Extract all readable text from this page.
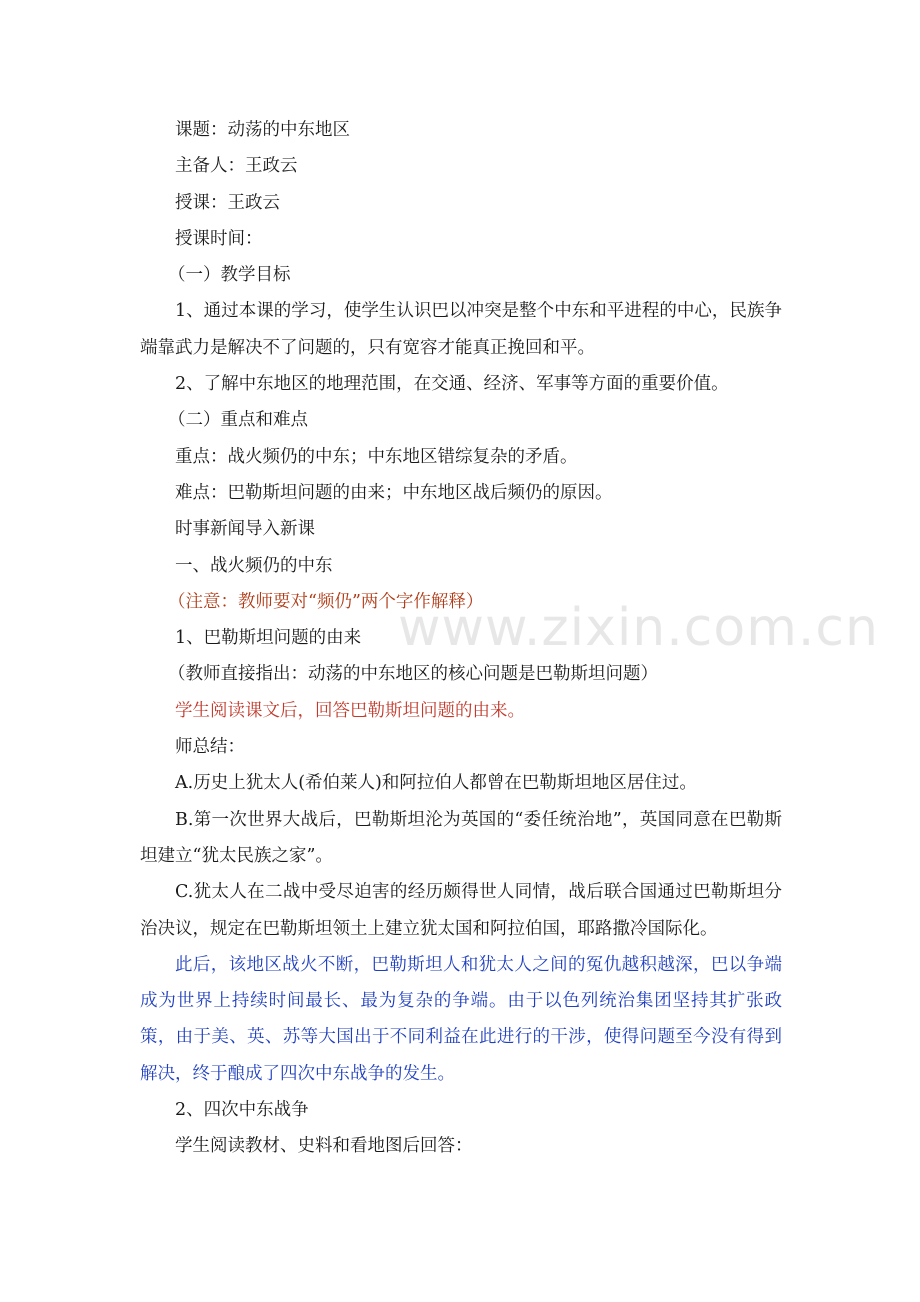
课题：动荡的中东地区

主备人：王政云

授课：王政云

授课时间：

（一）教学目标

1、通过本课的学习，使学生认识巴以冲突是整个中东和平进程的中心，民族争端靠武力是解决不了问题的，只有宽容才能真正挽回和平。

2、了解中东地区的地理范围，在交通、经济、军事等方面的重要价值。

（二）重点和难点

重点：战火频仍的中东；中东地区错综复杂的矛盾。

难点：巴勒斯坦问题的由来；中东地区战后频仍的原因。

时事新闻导入新课

一、战火频仍的中东

（注意：教师要对“频仍”两个字作解释）

1、巴勒斯坦问题的由来

（教师直接指出：动荡的中东地区的核心问题是巴勒斯坦问题）

学生阅读课文后，回答巴勒斯坦问题的由来。

师总结：

A.历史上犹太人(希伯莱人)和阿拉伯人都曾在巴勒斯坦地区居住过。

B.第一次世界大战后，巴勒斯坦沦为英国的“委任统治地”，英国同意在巴勒斯坦建立“犹太民族之家”。

C.犹太人在二战中受尽迫害的经历颇得世人同情，战后联合国通过巴勒斯坦分治决议，规定在巴勒斯坦领土上建立犹太国和阿拉伯国，耶路撒冷国际化。

此后，该地区战火不断，巴勒斯坦人和犹太人之间的冤仇越积越深，巴以争端成为世界上持续时间最长、最为复杂的争端。由于以色列统治集团坚持其扩张政策，由于美、英、苏等大国出于不同利益在此进行的干涉，使得问题至今没有得到解决，终于酿成了四次中东战争的发生。

2、四次中东战争

学生阅读教材、史料和看地图后回答：

www.zixin.com.cn
